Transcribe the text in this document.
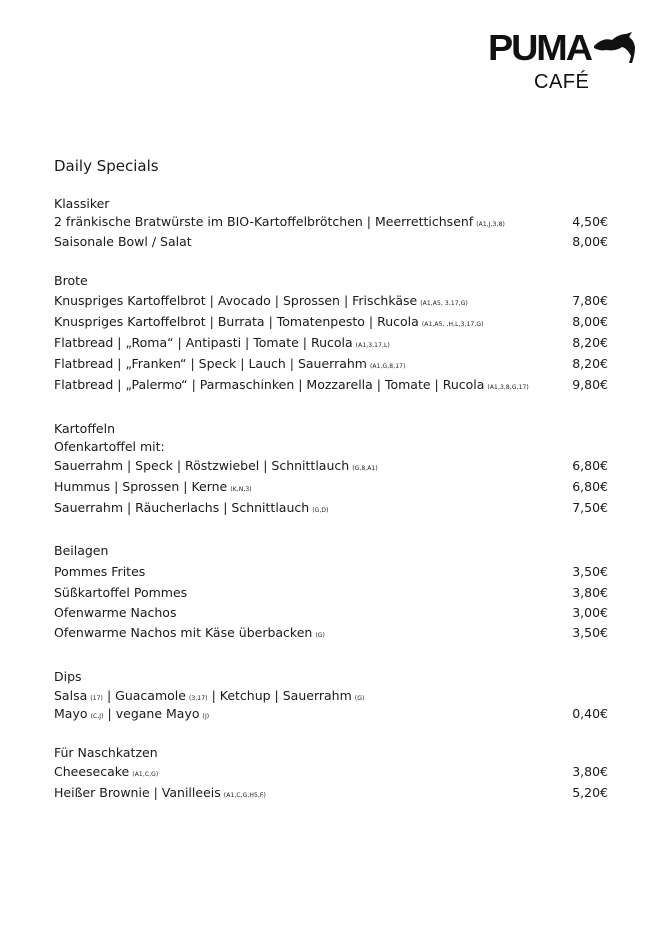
PUMA
CAFÉ
Daily Specials
Klassiker
2 fränkische Bratwürste im BIO-Kartoffelbrötchen | Meerrettichsenf (A1,J,3,8)	4,50€
Saisonale Bowl / Salat	8,00€
Brote
Knuspriges Kartoffelbrot | Avocado | Sprossen | Frischkäse (A1,A5, 3,17,G)	7,80€
Knuspriges Kartoffelbrot | Burrata | Tomatenpesto | Rucola (A1,A5, ,H,L,3,17,G)	8,00€
Flatbread | „Roma“ | Antipasti | Tomate | Rucola (A1,3,17,L)	8,20€
Flatbread | „Franken“ | Speck | Lauch | Sauerrahm (A1,G,8,17)	8,20€
Flatbread | „Palermo“ | Parmaschinken | Mozzarella | Tomate | Rucola (A1,3,8,G,17)	9,80€
Kartoffeln
Ofenkartoffel mit:
Sauerrahm | Speck | Röstzwiebel | Schnittlauch (G,8,A1)	6,80€
Hummus | Sprossen | Kerne (K,N,3)	6,80€
Sauerrahm | Räucherlachs | Schnittlauch (G,D)	7,50€
Beilagen
Pommes Frites	3,50€
Süßkartoffel Pommes	3,80€
Ofenwarme Nachos	3,00€
Ofenwarme Nachos mit Käse überbacken (G)	3,50€
Dips
Salsa (17) | Guacamole (3,17) | Ketchup | Sauerrahm (G)
Mayo (C,J) | vegane Mayo (J)	0,40€
Für Naschkatzen
Cheesecake (A1,C,G)	3,80€
Heißer Brownie | Vanilleeis (A1,C,G,H5,F)	5,20€
